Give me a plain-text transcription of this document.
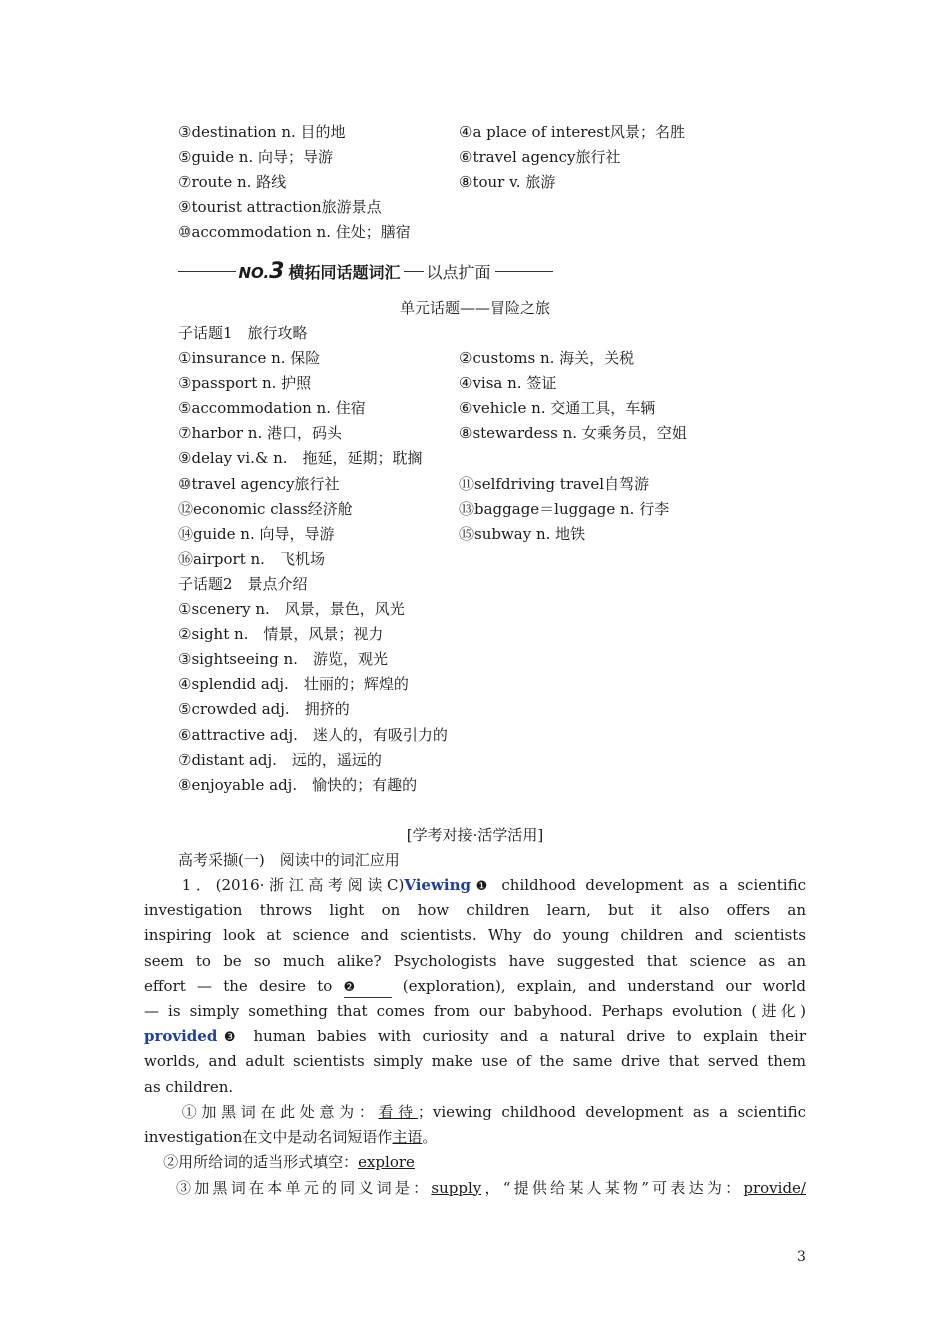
③destination n. 目的地	④a place of interest风景；名胜
⑤guide n. 向导；导游	⑥travel agency旅行社
⑦route n. 路线	⑧tour v. 旅游
⑨tourist attraction旅游景点
⑩accommodation n. 住处；膳宿
NO.3 横拓同话题词汇 以点扩面
单元话题——冒险之旅
子话题1　旅行攻略
①insurance n. 保险	②customs n. 海关，关税
③passport n. 护照	④visa n. 签证
⑤accommodation n. 住宿	⑥vehicle n. 交通工具，车辆
⑦harbor n. 港口，码头	⑧stewardess n. 女乘务员，空姐
⑨delay vi.& n.　拖延，延期；耽搁
⑩travel agency旅行社	⑪selfdriving travel自驾游
⑫economic class经济舱	⑬baggage＝luggage n. 行李
⑭guide n. 向导，导游	⑮subway n. 地铁
⑯airport n.　飞机场
子话题2　景点介绍
①scenery n.　风景，景色，风光
②sight n.　情景，风景；视力
③sightseeing n.　游览，观光
④splendid adj.　壮丽的；辉煌的
⑤crowded adj.　拥挤的
⑥attractive adj.　迷人的，有吸引力的
⑦distant adj.　远的，遥远的
⑧enjoyable adj.　愉快的；有趣的
[学考对接·活学活用]
高考采撷(一)　阅读中的词汇应用
1．(2016·浙江高考阅读C)Viewing❶ childhood development as a scientific
investigation throws light on how children learn, but it also offers an
inspiring look at science and scientists. Why do young children and scientists
seem to be so much alike? Psychologists have suggested that science as an
effort — the desire to ❷ (exploration), explain, and understand our world
— is simply something that comes from our babyhood. Perhaps evolution (进化)
provided❸ human babies with curiosity and a natural drive to explain their
worlds, and adult scientists simply make use of the same drive that served them
as children.
①加黑词在此处意为：看待；viewing childhood development as a scientific
investigation在文中是动名词短语作主语。
②用所给词的适当形式填空：explore
③加黑词在本单元的同义词是：supply，“提供给某人某物”可表达为：provide/
3
